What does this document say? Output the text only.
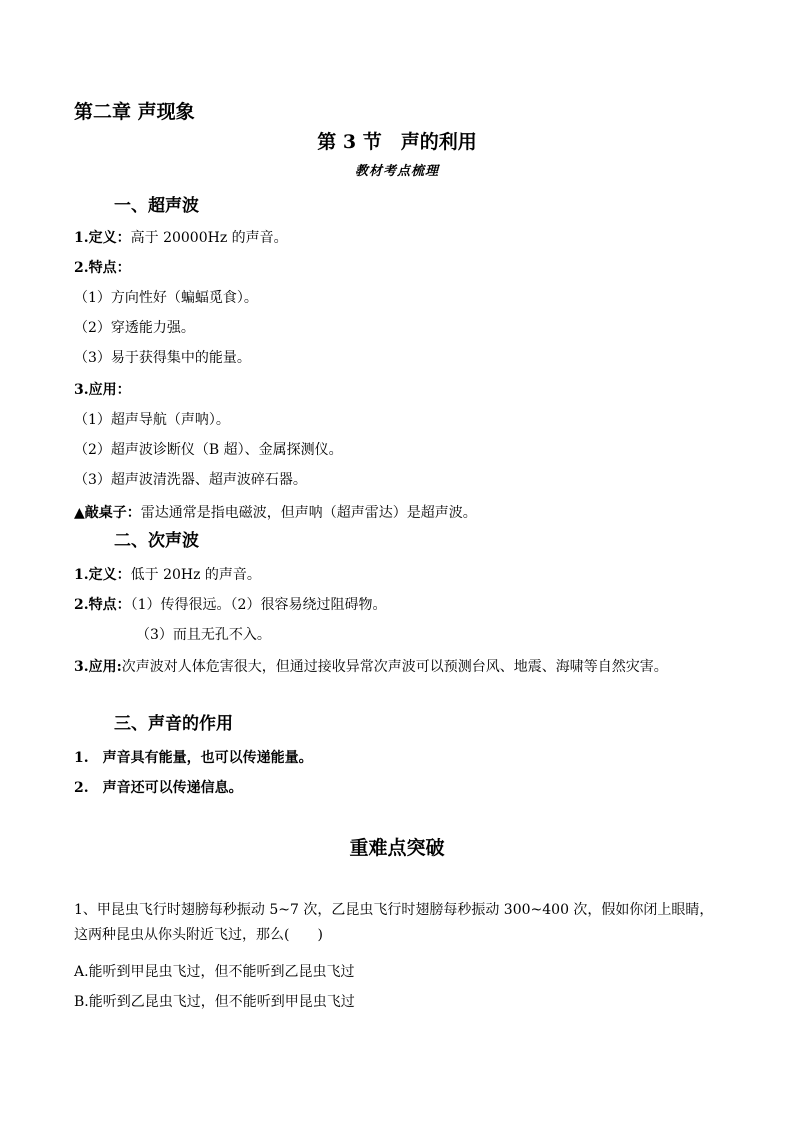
第二章 声现象
第 3 节　声的利用
教材考点梳理
一、超声波
1.定义：高于 20000Hz 的声音。
2.特点：
（1）方向性好（蝙蝠觅食）。
（2）穿透能力强。
（3）易于获得集中的能量。
3.应用：
（1）超声导航（声呐）。
（2）超声波诊断仪（B 超）、金属探测仪。
（3）超声波清洗器、超声波碎石器。
▲敲桌子：雷达通常是指电磁波，但声呐（超声雷达）是超声波。
二、次声波
1.定义：低于 20Hz 的声音。
2.特点：（1）传得很远。（2）很容易绕过阻碍物。
（3）而且无孔不入。
3.应用:次声波对人体危害很大，但通过接收异常次声波可以预测台风、地震、海啸等自然灾害。
三、声音的作用
1.　声音具有能量，也可以传递能量。
2.　声音还可以传递信息。
重难点突破
1、甲昆虫飞行时翅膀每秒振动 5~7 次，乙昆虫飞行时翅膀每秒振动 300~400 次，假如你闭上眼睛，这两种昆虫从你头附近飞过，那么(　　)
A.能听到甲昆虫飞过，但不能听到乙昆虫飞过
B.能听到乙昆虫飞过，但不能听到甲昆虫飞过
